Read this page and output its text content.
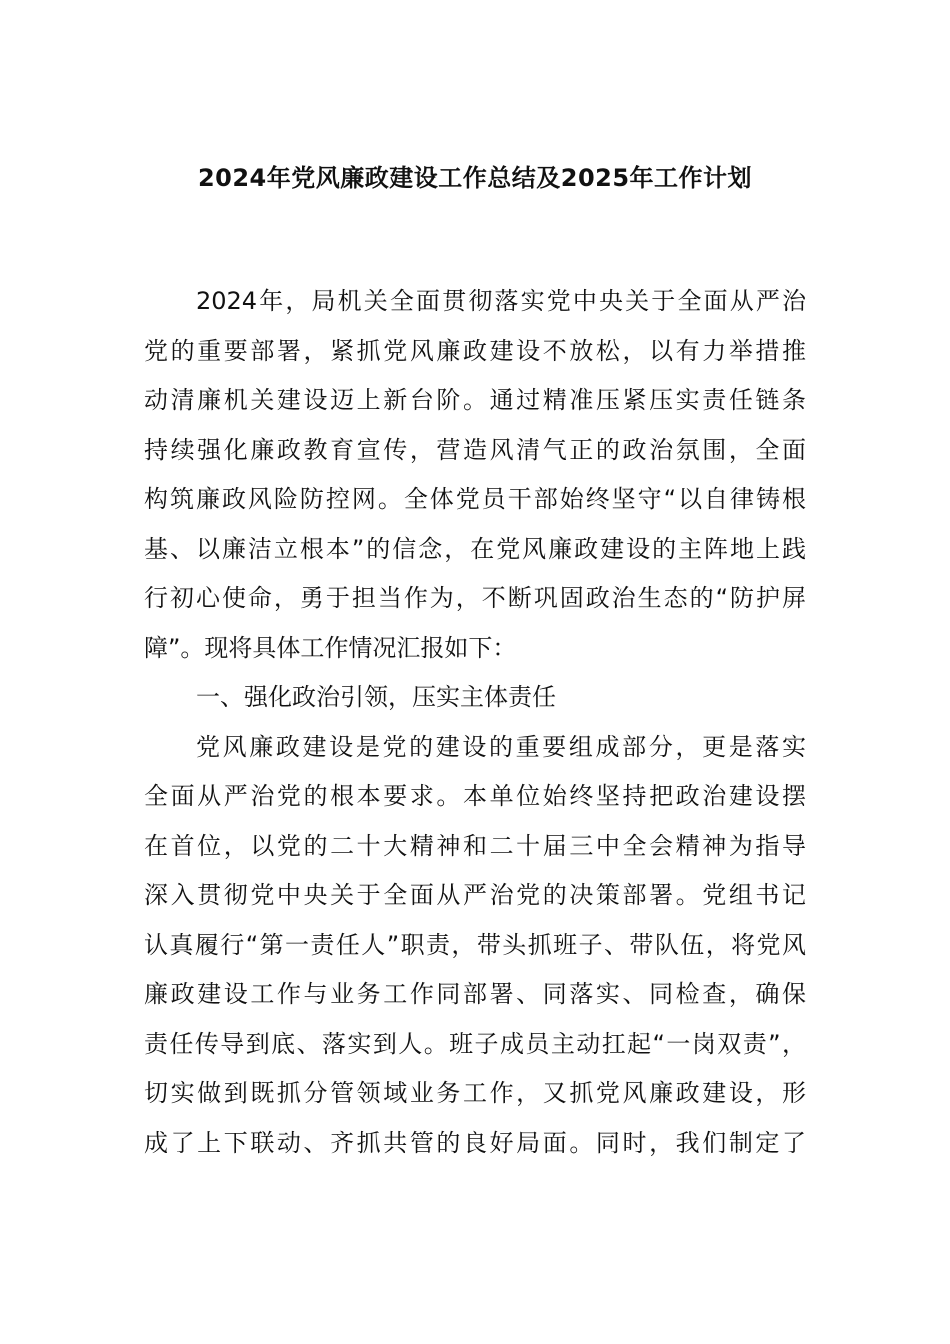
2024年党风廉政建设工作总结及2025年工作计划
2024年，局机关全面贯彻落实党中央关于全面从严治
党的重要部署，紧抓党风廉政建设不放松，以有力举措推
动清廉机关建设迈上新台阶。通过精准压紧压实责任链条
持续强化廉政教育宣传，营造风清气正的政治氛围，全面
构筑廉政风险防控网。全体党员干部始终坚守“以自律铸根
基、以廉洁立根本”的信念，在党风廉政建设的主阵地上践
行初心使命，勇于担当作为，不断巩固政治生态的“防护屏
障”。现将具体工作情况汇报如下：
一、强化政治引领，压实主体责任
党风廉政建设是党的建设的重要组成部分，更是落实
全面从严治党的根本要求。本单位始终坚持把政治建设摆
在首位，以党的二十大精神和二十届三中全会精神为指导
深入贯彻党中央关于全面从严治党的决策部署。党组书记
认真履行“第一责任人”职责，带头抓班子、带队伍，将党风
廉政建设工作与业务工作同部署、同落实、同检查，确保
责任传导到底、落实到人。班子成员主动扛起“一岗双责”，
切实做到既抓分管领域业务工作，又抓党风廉政建设，形
成了上下联动、齐抓共管的良好局面。同时，我们制定了
